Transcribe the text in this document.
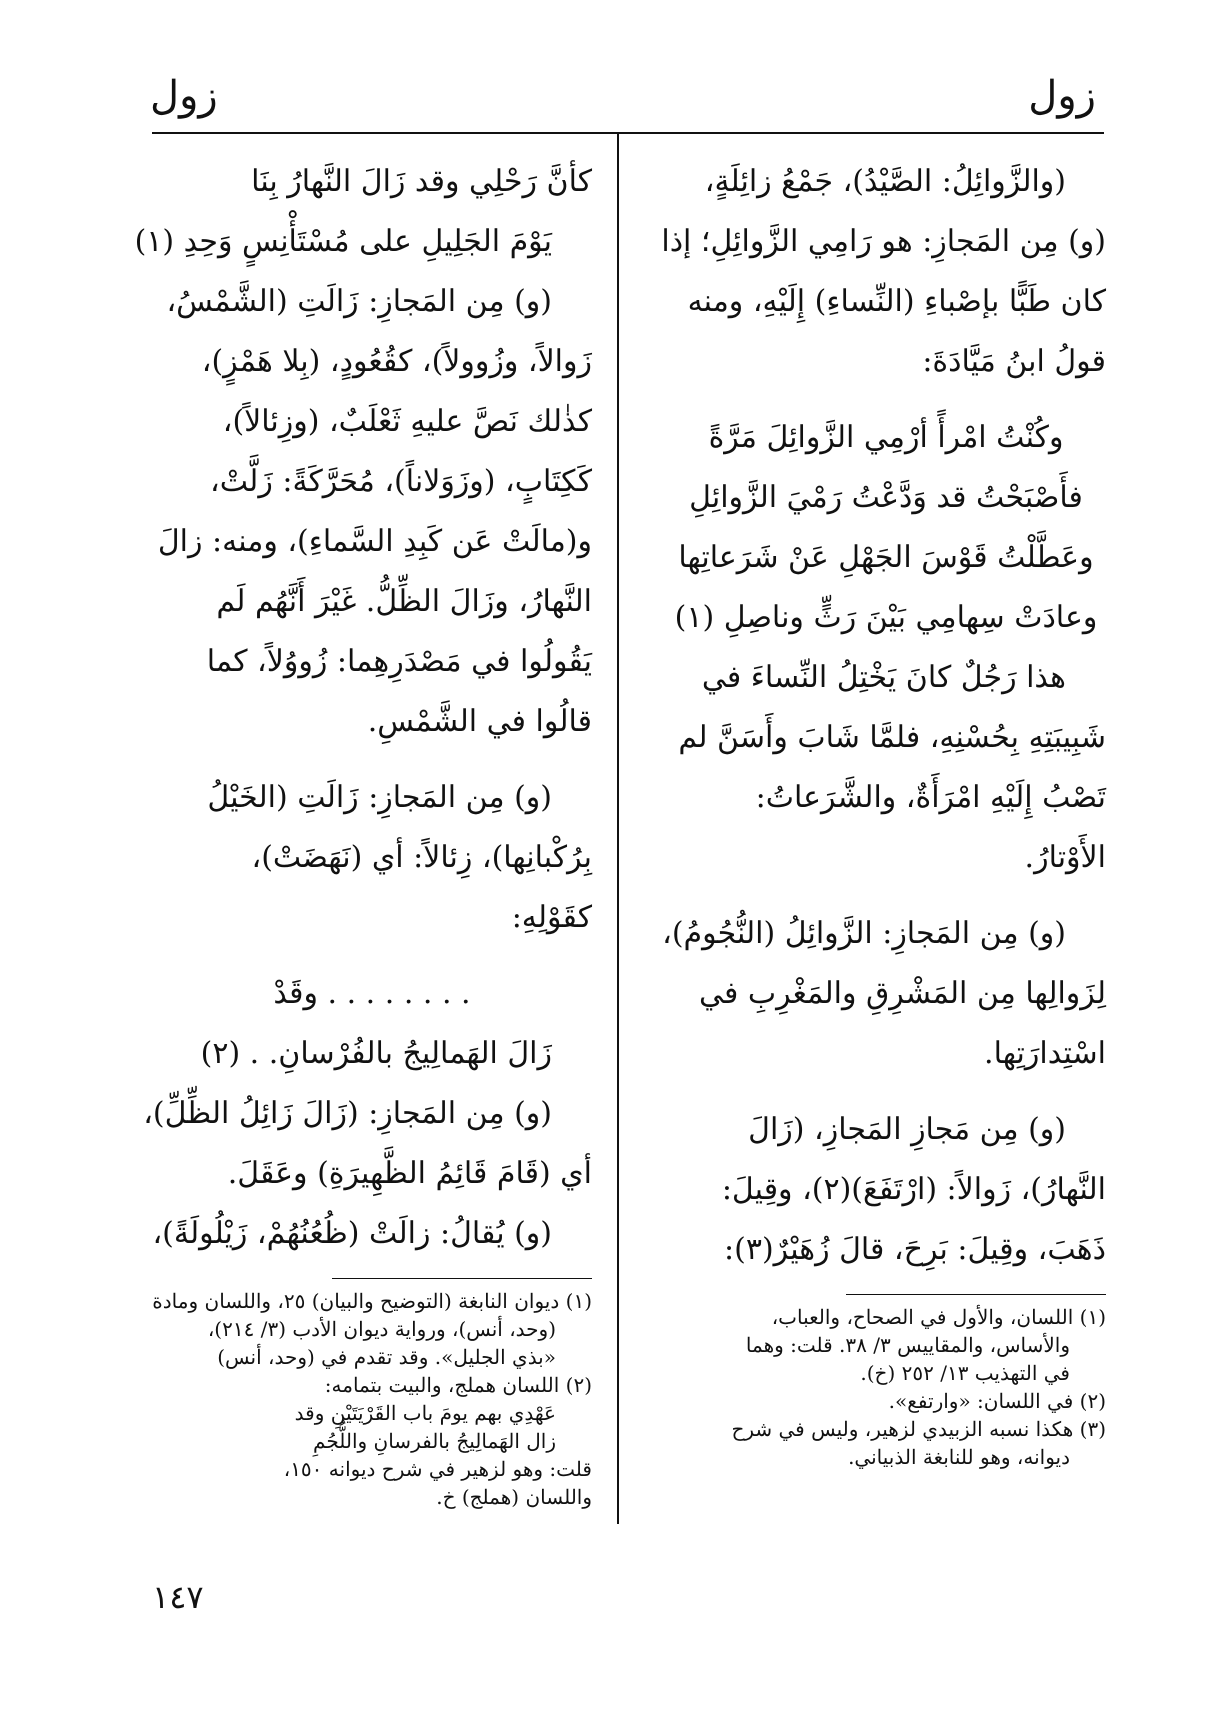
زول
زول
(والزَّوائِلُ: الصَّيْدُ)، جَمْعُ زائِلَةٍ،
(و) مِن المَجازِ: هو رَامِي الزَّوائِلِ؛ إذا
كان طَبًّا بإصْباءِ (النِّساءِ) إِلَيْهِ، ومنه
قولُ ابنُ مَيَّادَةَ:
وكُنْتُ امْرأً أرْمِي الزَّوائِلَ مَرَّةً
فأَصْبَحْتُ قد وَدَّعْتُ رَمْيَ الزَّوائِلِ
وعَطَّلْتُ قَوْسَ الجَهْلِ عَنْ شَرَعاتِها
وعادَتْ سِهامِي بَيْنَ رَثٍّ وناصِلِ (١)
هذا رَجُلٌ كانَ يَخْتِلُ النِّساءَ في
شَبِيبَتِهِ بِحُسْنِهِ، فلمَّا شَابَ وأَسَنَّ لم
تَصْبُ إِلَيْهِ امْرَأَةٌ، والشَّرَعاتُ:
الأَوْتارُ.
(و) مِن المَجازِ: الزَّوائِلُ (النُّجُومُ)،
لِزَوالِها مِن المَشْرِقِ والمَغْرِبِ في
اسْتِدارَتِها.
(و) مِن مَجازِ المَجازِ، (زَالَ
النَّهارُ)، زَوالاً: (ارْتَفَعَ)(٢)، وقِيلَ:
ذَهَبَ، وقِيلَ: بَرِحَ، قالَ زُهَيْرٌ(٣):
(١) اللسان، والأول في الصحاح، والعباب،
والأساس، والمقاييس ٣/ ٣٨. قلت: وهما
في التهذيب ١٣/ ٢٥٢ (خ).
(٢) في اللسان: «وارتفع».
(٣) هكذا نسبه الزبيدي لزهير، وليس في شرح
ديوانه، وهو للنابغة الذبياني.
كأنَّ رَحْلِي وقد زَالَ النَّهارُ بِنَا
يَوْمَ الجَلِيلِ على مُسْتَأْنِسٍ وَحِدِ (١)
(و) مِن المَجازِ: زَالَتِ (الشَّمْسُ،
زَوالاً، وزُوولاً)، كقُعُودٍ، (بِلا هَمْزٍ)،
كذٰلك نَصَّ عليهِ ثَعْلَبٌ، (وزِئالاً)،
كَكِتَابٍ، (وزَوَلاناً)، مُحَرَّكَةً: زَلَّتْ،
و(مالَتْ عَن كَبِدِ السَّماءِ)، ومنه: زالَ
النَّهارُ، وزَالَ الظِّلُّ. غَيْرَ أَنَّهُم لَم
يَقُولُوا في مَصْدَرِهِما: زُووُلاً، كما
قالُوا في الشَّمْسِ.
(و) مِن المَجازِ: زَالَتِ (الخَيْلُ
بِرُكْبانِها)، زِئالاً: أي (نَهَضَتْ)،
كقَوْلِهِ:
. . . . . . . . وقَدْ
زَالَ الهَمالِيجُ بالفُرْسانِ. . (٢)
(و) مِن المَجازِ: (زَالَ زَائِلُ الظِّلِّ)،
أي (قَامَ قَائِمُ الظَّهِيرَةِ) وعَقَلَ.
(و) يُقالُ: زالَتْ (ظُعُنُهُمْ، زَيْلُولَةً)،
(١) ديوان النابغة (التوضيح والبيان) ٢٥، واللسان ومادة
(وحد، أنس)، ورواية ديوان الأدب (٣/ ٢١٤)،
«بذي الجليل». وقد تقدم في (وحد، أنس)
(٢) اللسان هملج، والبيت بتمامه:
عَهْدِي بهم يومَ باب القَرْيَتَيْنِ وقد
زال الهَمالِيجُ بالفرسانِ واللُّجُمِ
قلت: وهو لزهير في شرح ديوانه ١٥٠،
واللسان (هملج) خ.
١٤٧
